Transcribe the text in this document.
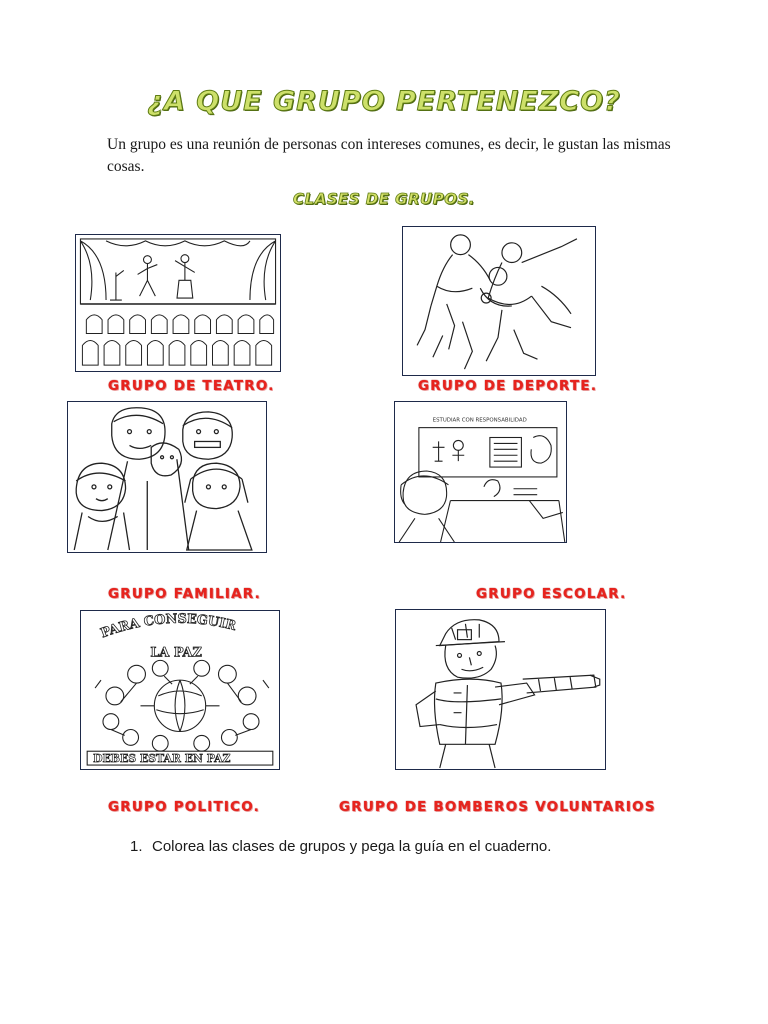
¿A QUE GRUPO PERTENEZCO?
Un grupo es una reunión de personas con intereses comunes, es decir, le gustan las mismas cosas.
CLASES DE GRUPOS.
GRUPO DE TEATRO.	GRUPO DE DEPORTE.
GRUPO FAMILIAR.
ESTUDIAR CON RESPONSABILIDAD
GRUPO ESCOLAR.
PARA CONSEGUIR
LA PAZ
DEBES ESTAR EN PAZ
GRUPO POLITICO.	GRUPO DE BOMBEROS VOLUNTARIOS
1. Colorea las clases de grupos y pega la guía en el cuaderno.
